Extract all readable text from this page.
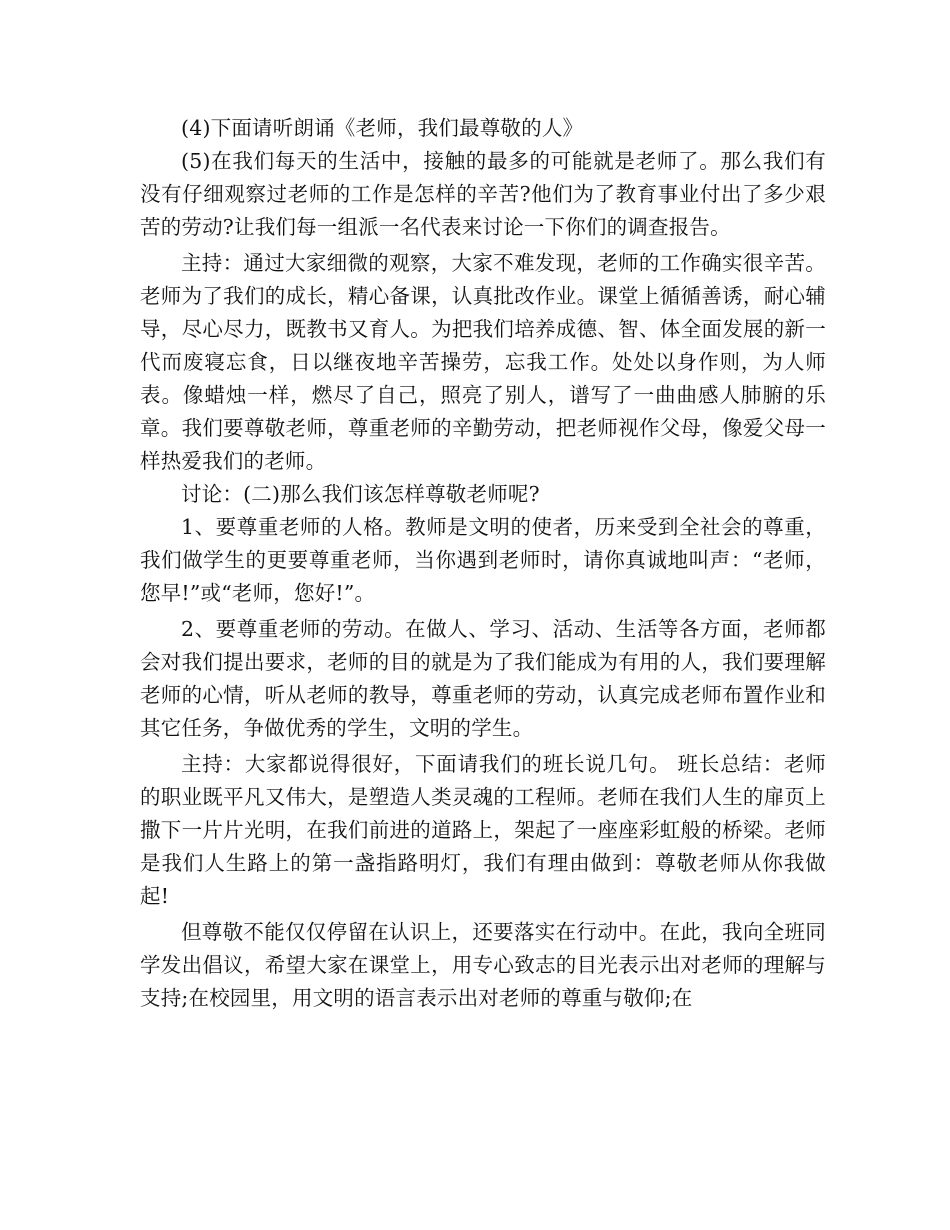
(4)下面请听朗诵《老师，我们最尊敬的人》

(5)在我们每天的生活中，接触的最多的可能就是老师了。那么我们有没有仔细观察过老师的工作是怎样的辛苦?他们为了教育事业付出了多少艰苦的劳动?让我们每一组派一名代表来讨论一下你们的调查报告。

主持：通过大家细微的观察，大家不难发现，老师的工作确实很辛苦。老师为了我们的成长，精心备课，认真批改作业。课堂上循循善诱，耐心辅导，尽心尽力，既教书又育人。为把我们培养成德、智、体全面发展的新一代而废寝忘食，日以继夜地辛苦操劳，忘我工作。处处以身作则，为人师表。像蜡烛一样，燃尽了自己，照亮了别人，谱写了一曲曲感人肺腑的乐章。我们要尊敬老师，尊重老师的辛勤劳动，把老师视作父母，像爱父母一样热爱我们的老师。

讨论：(二)那么我们该怎样尊敬老师呢?

1、要尊重老师的人格。教师是文明的使者，历来受到全社会的尊重，我们做学生的更要尊重老师，当你遇到老师时，请你真诚地叫声：“老师，您早!”或“老师，您好!”。

2、要尊重老师的劳动。在做人、学习、活动、生活等各方面，老师都会对我们提出要求，老师的目的就是为了我们能成为有用的人，我们要理解老师的心情，听从老师的教导，尊重老师的劳动，认真完成老师布置作业和其它任务，争做优秀的学生，文明的学生。

主持：大家都说得很好，下面请我们的班长说几句。 班长总结：老师的职业既平凡又伟大，是塑造人类灵魂的工程师。老师在我们人生的扉页上撒下一片片光明，在我们前进的道路上，架起了一座座彩虹般的桥梁。老师是我们人生路上的第一盏指路明灯，我们有理由做到：尊敬老师从你我做起!

但尊敬不能仅仅停留在认识上，还要落实在行动中。在此，我向全班同学发出倡议，希望大家在课堂上，用专心致志的目光表示出对老师的理解与支持;在校园里，用文明的语言表示出对老师的尊重与敬仰;在
